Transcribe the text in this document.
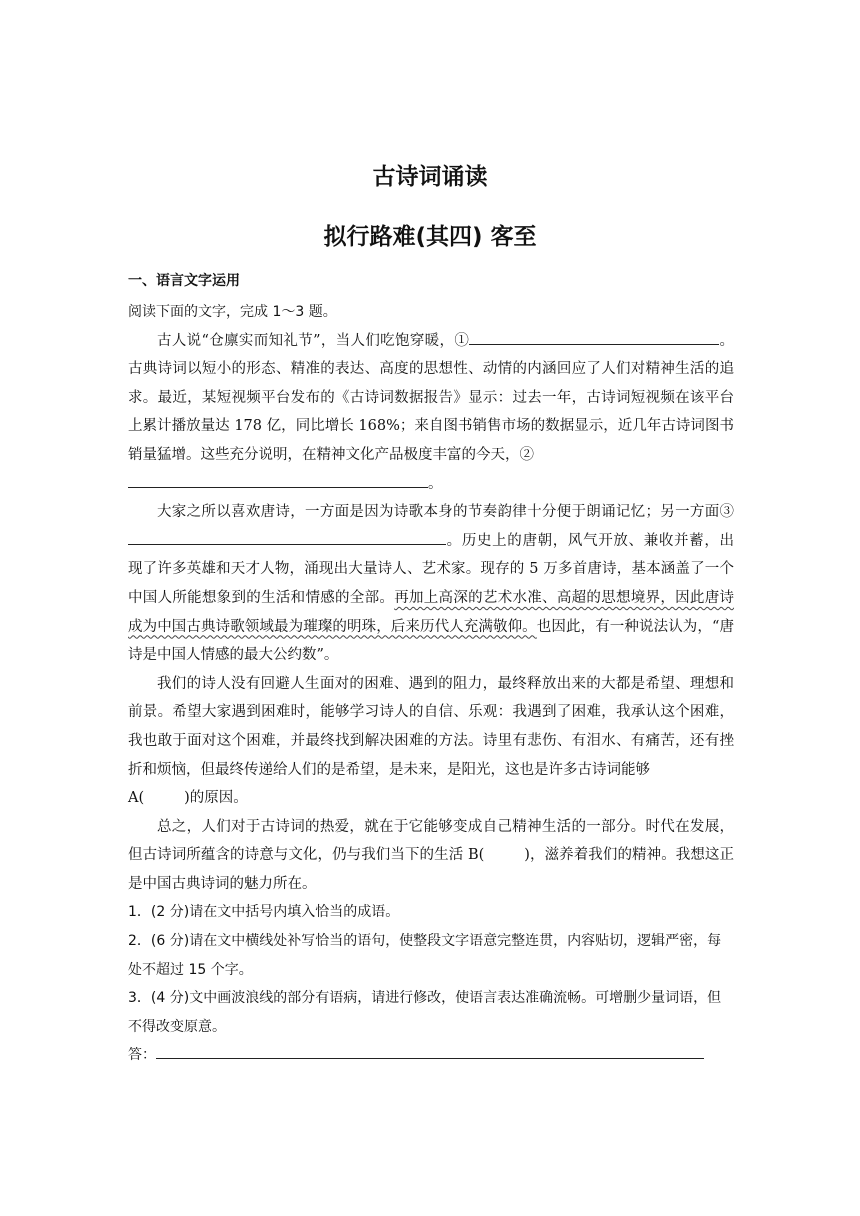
古诗词诵读
拟行路难(其四) 客至
一、语言文字运用

阅读下面的文字，完成 1～3 题。

古人说“仓廪实而知礼节”，当人们吃饱穿暖，①	。古典诗词以短小的形态、精准的表达、高度的思想性、动情的内涵回应了人们对精神生活的追求。最近，某短视频平台发布的《古诗词数据报告》显示：过去一年，古诗词短视频在该平台上累计播放量达 178 亿，同比增长 168%；来自图书销售市场的数据显示，近几年古诗词图书销量猛增。这些充分说明，在精神文化产品极度丰富的今天，②
。

大家之所以喜欢唐诗，一方面是因为诗歌本身的节奏韵律十分便于朗诵记忆；另一方面③。历史上的唐朝，风气开放、兼收并蓄，出现了许多英雄和天才人物，涌现出大量诗人、艺术家。现存的 5 万多首唐诗，基本涵盖了一个中国人所能想象到的生活和情感的全部。再加上高深的艺术水准、高超的思想境界，因此唐诗成为中国古典诗歌领域最为璀璨的明珠，后来历代人充满敬仰。也因此，有一种说法认为，“唐诗是中国人情感的最大公约数”。

我们的诗人没有回避人生面对的困难、遇到的阻力，最终释放出来的大都是希望、理想和前景。希望大家遇到困难时，能够学习诗人的自信、乐观：我遇到了困难，我承认这个困难，我也敢于面对这个困难，并最终找到解决困难的方法。诗里有悲伤、有泪水、有痛苦，还有挫折和烦恼，但最终传递给人们的是希望，是未来，是阳光，这也是许多古诗词能够
A(	)的原因。

总之，人们对于古诗词的热爱，就在于它能够变成自己精神生活的一部分。时代在发展，但古诗词所蕴含的诗意与文化，仍与我们当下的生活 B(	)，滋养着我们的精神。我想这正是中国古典诗词的魅力所在。

1．(2 分)请在文中括号内填入恰当的成语。

2．(6 分)请在文中横线处补写恰当的语句，使整段文字语意完整连贯，内容贴切，逻辑严密，每处不超过 15 个字。

3．(4 分)文中画波浪线的部分有语病，请进行修改，使语言表达准确流畅。可增删少量词语，但不得改变原意。

答：
